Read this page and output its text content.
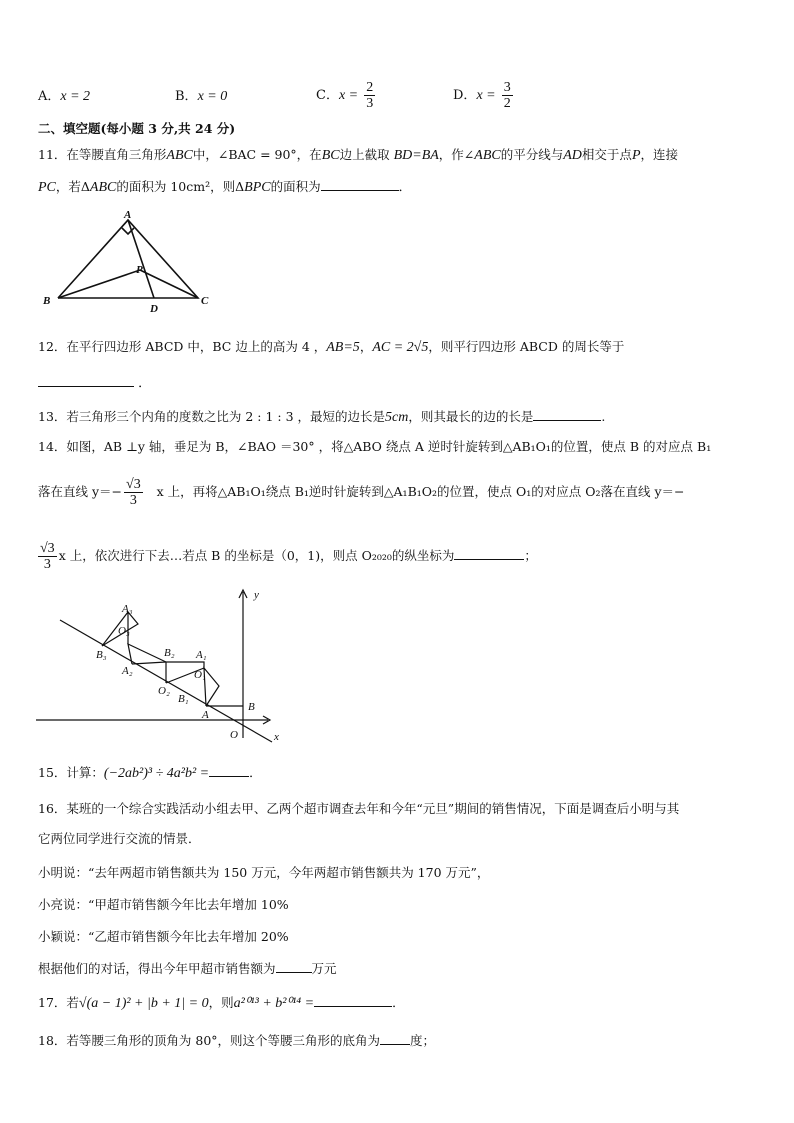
A．x = 2	B．x = 0	C．$x = \frac{2}{3}$	D．$x = \frac{3}{2}$
二、填空题(每小题 3 分,共 24 分)
11．在等腰直角三角形ABC中，∠BAC = 90°，在BC边上截取 BD=BA，作∠ABC的平分线与AD相交于点P，连接
PC，若ΔABC的面积为 10cm²，则ΔBPC的面积为	．
A
B	C
D
P
12．在平行四边形 ABCD 中，BC 边上的高为 4 ，AB=5，AC = 2√5，则平行四边形 ABCD 的周长等于
．
13．若三角形三个内角的度数之比为 2 : 1 : 3 ，最短的边长是5cm，则其最长的边的长是	.
14．如图，AB ⊥y 轴，垂足为 B，∠BAO ＝30° ，将△ABO 绕点 A 逆时针旋转到△AB₁O₁的位置，使点 B 的对应点 B₁
落在直线 $y=- \frac{√3}{3}$ x 上，再将△AB₁O₁绕点 B₁逆时针旋转到△A₁B₁O₂的位置，使点 O₁的对应点 O₂落在直线 y＝−
$\frac{√3}{3}$ x 上，依次进行下去…若点 B 的坐标是（0，1)，则点 O₂₀₂₀的纵坐标为	；
y
x
O
B
A
A₁
O₁
B₁
B₂
A₂
O₂
A₃
O₃
B₃
15．计算：(−2ab²)³ ÷ 4a²b² =	．
16．某班的一个综合实践活动小组去甲、乙两个超市调查去年和今年“元旦”期间的销售情况，下面是调查后小明与其
它两位同学进行交流的情景．
小明说：“去年两超市销售额共为 150 万元，今年两超市销售额共为 170 万元”，
小亮说：“甲超市销售额今年比去年增加 10%
小颖说：“乙超市销售额今年比去年增加 20%
根据他们的对话，得出今年甲超市销售额为	万元
17．若√(a − 1)² + |b + 1| = 0，则a²⁰¹³ + b²⁰¹⁴ =	．
18．若等腰三角形的顶角为 80°，则这个等腰三角形的底角为 度；
